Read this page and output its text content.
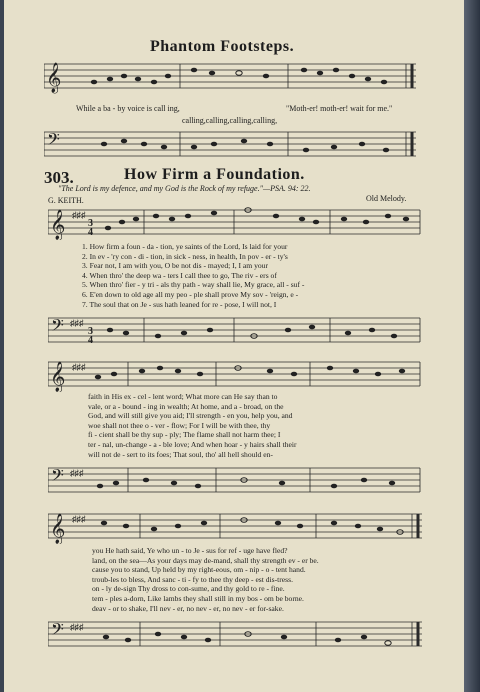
Phantom Footsteps.
𝄞
While a ba - by voice is call ing,
calling,calling,calling,calling,
"Moth-er! moth-er! wait for me."
𝄢
303.	How Firm a Foundation.
"The Lord is my defence, and my God is the Rock of my refuge."—PSA. 94: 22.
G. KEITH.	Old Melody.
𝄞 ♯♯♯
3
4
1. How firm a foun - da - tion, ye saints of the Lord, Is laid for your
2. In ev - 'ry con - di - tion, in sick - ness, in health, In pov - er - ty's
3. Fear not, I am with you, O be not dis - mayed; I, I am your
4. When thro' the deep wa - ters I call thee to go, The riv - ers of
5. When thro' fier - y tri - als thy path - way shall lie, My grace, all - suf -
6. E'en down to old age all my peo - ple shall prove My sov - 'reign, e -
7. The soul that on Je - sus hath leaned for re - pose, I will not, I
𝄢 ♯♯♯
3
4
𝄞 ♯♯♯
faith in His ex - cel - lent word; What more can He say than to
vale, or a - bound - ing in wealth; At home, and a - broad, on the
God, and will still give you aid; I'll strength - en you, help you, and
woe shall not thee o - ver - flow; For I will be with thee, thy
fi - cient shall be thy sup - ply; The flame shall not harm thee; I
ter - nal, un-change - a - ble love; And when hoar - y hairs shall their
will not de - sert to its foes; That soul, tho' all hell should en-
𝄢 ♯♯♯
𝄞 ♯♯♯
you He hath said, Ye who un - to Je - sus for ref - uge have fled?
land, on the sea—As your days may de-mand, shall thy strength ev - er be.
cause you to stand, Up held by my right-eous, om - nip - o - tent hand.
troub-les to bless, And sanc - ti - fy to thee thy deep - est dis-tress.
on - ly de-sign Thy dross to con-sume, and thy gold to re - fine.
tem - ples a-dorn, Like lambs they shall still in my bos - om be borne.
deav - or to shake, I'll nev - er, no nev - er, no nev - er for-sake.
𝄢 ♯♯♯
